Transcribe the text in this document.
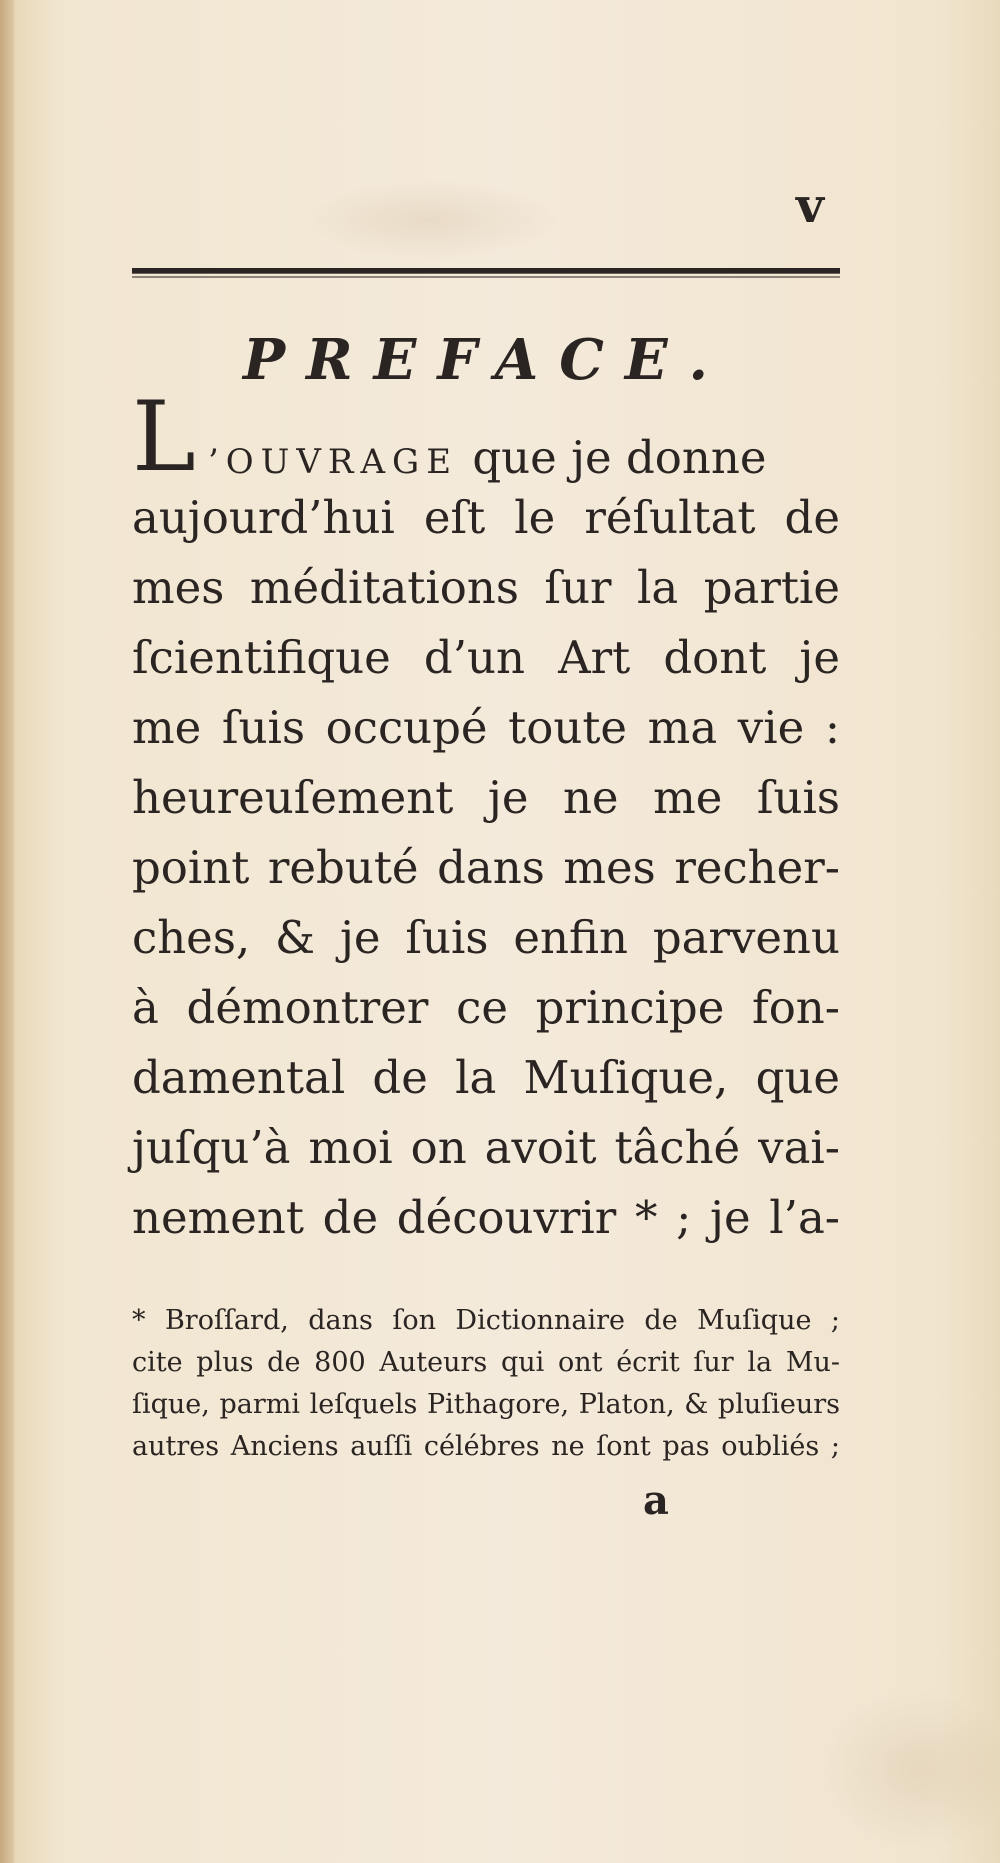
v
PREFACE.
L ’OUVRAGE que je donne
aujourd’hui eſt le réſultat de
mes méditations ſur la partie
ſcientifique d’un Art dont je
me ſuis occupé toute ma vie :
heureuſement je ne me ſuis
point rebuté dans mes recher-
ches, & je ſuis enfin parvenu
à démontrer ce principe fon-
damental de la Muſique, que
juſqu’à moi on avoit tâché vai-
nement de découvrir * ; je l’a-
* Broſſard, dans ſon Dictionnaire de Muſique ;
cite plus de 800 Auteurs qui ont écrit ſur la Mu-
ſique, parmi leſquels Pithagore, Platon, & pluſieurs
autres Anciens auſſi célébres ne ſont pas oubliés ;
a
